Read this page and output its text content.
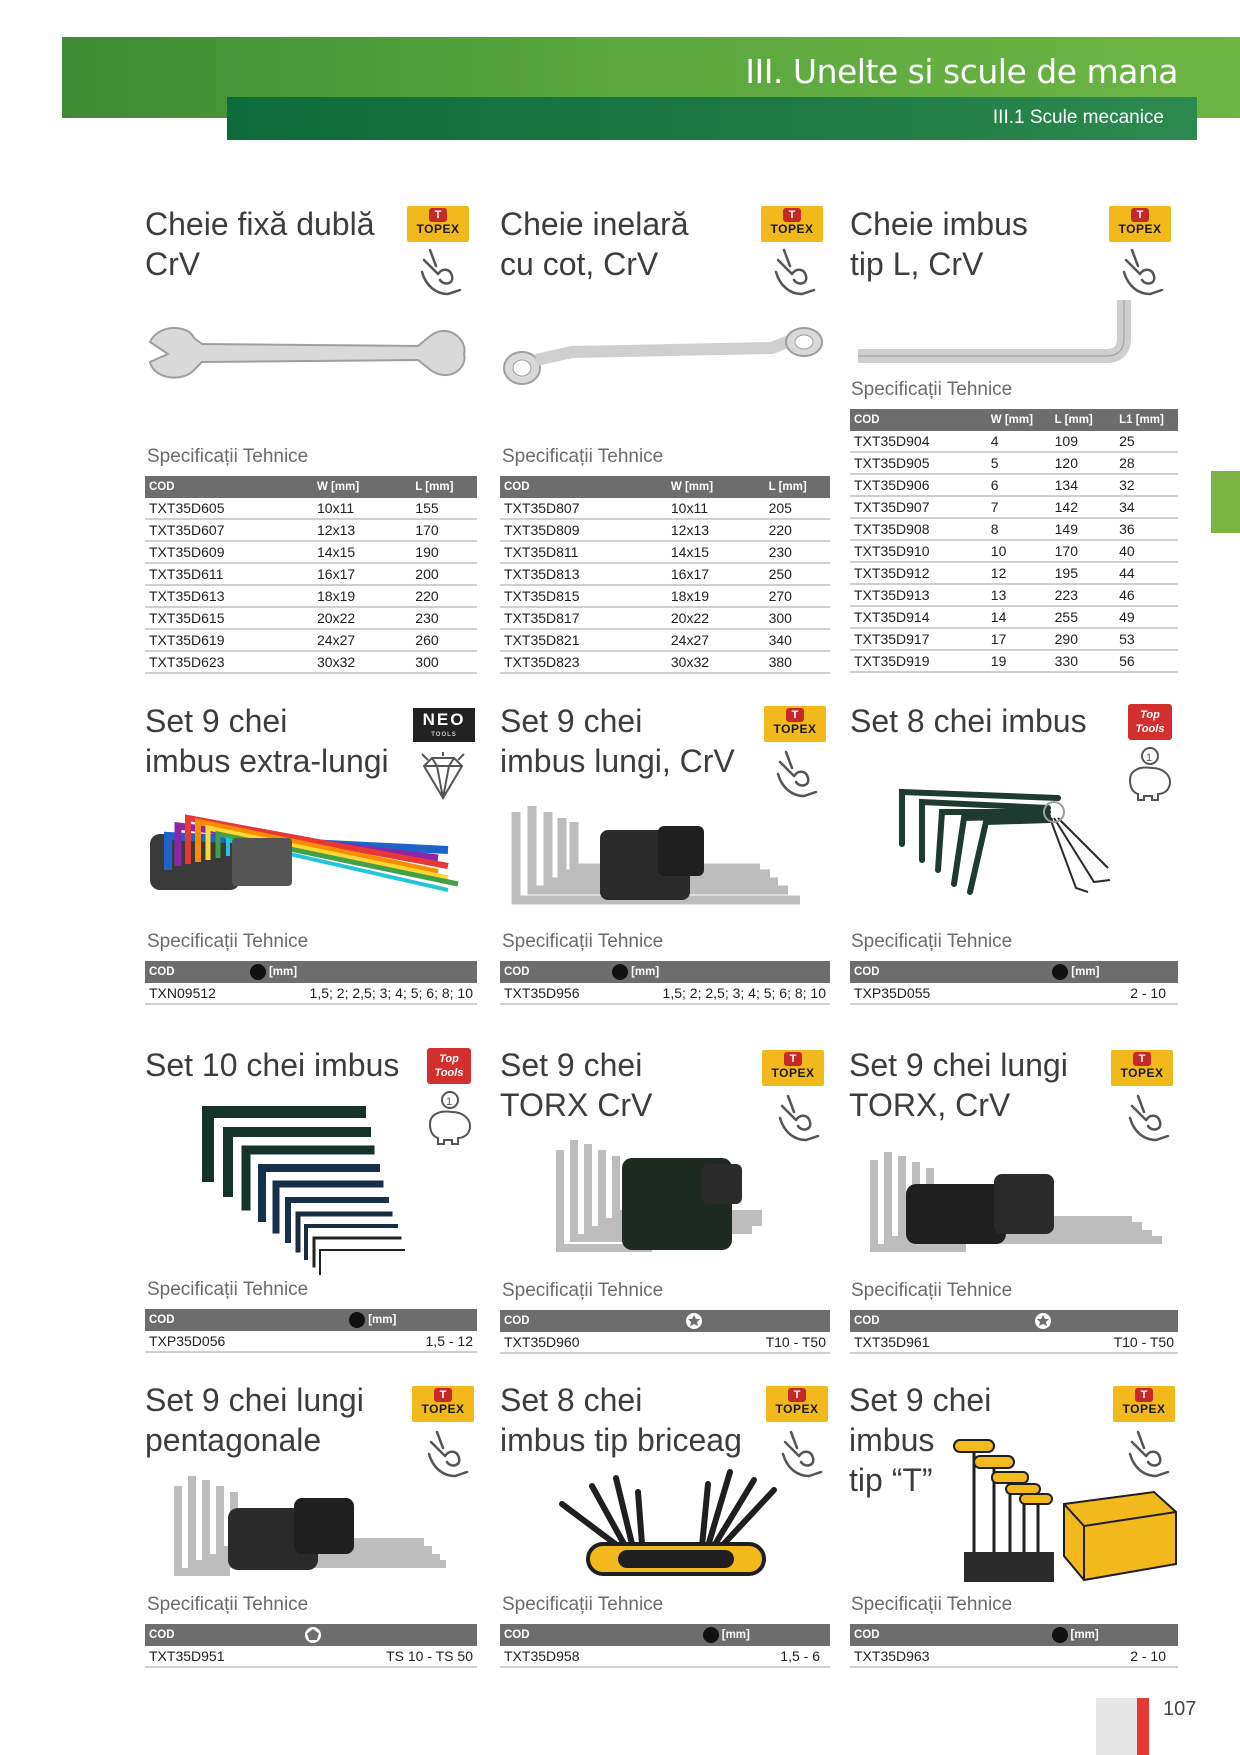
III. Unelte si scule de mana
III.1 Scule mecanice
Cheie fixă dublă
CrV
T
TOPEX
Specificații Tehnice
COD	W [mm]	L [mm]
TXT35D605	10x11	155
TXT35D607	12x13	170
TXT35D609	14x15	190
TXT35D611	16x17	200
TXT35D613	18x19	220
TXT35D615	20x22	230
TXT35D619	24x27	260
TXT35D623	30x32	300
Cheie inelară
cu cot, CrV
T
TOPEX
Specificații Tehnice
COD	W [mm]	L [mm]
TXT35D807	10x11	205
TXT35D809	12x13	220
TXT35D811	14x15	230
TXT35D813	16x17	250
TXT35D815	18x19	270
TXT35D817	20x22	300
TXT35D821	24x27	340
TXT35D823	30x32	380
Cheie imbus
tip L, CrV
T
TOPEX
Specificații Tehnice
COD	W [mm]	L [mm]	L1 [mm]
TXT35D904	4	109	25
TXT35D905	5	120	28
TXT35D906	6	134	32
TXT35D907	7	142	34
TXT35D908	8	149	36
TXT35D910	10	170	40
TXT35D912	12	195	44
TXT35D913	13	223	46
TXT35D914	14	255	49
TXT35D917	17	290	53
TXT35D919	19	330	56
Set 9 chei
imbus extra-lungi
NEO
TOOLS
Specificații Tehnice
COD	[mm]
TXN09512	1,5; 2; 2,5; 3; 4; 5; 6; 8; 10
Set 9 chei
imbus lungi, CrV
T
TOPEX
Specificații Tehnice
COD	[mm]
TXT35D956	1,5; 2; 2,5; 3; 4; 5; 6; 8; 10
Set 8 chei imbus	Top
Tools
1
Specificații Tehnice
COD	[mm]
TXP35D055	2 - 10
Set 10 chei imbus	Top
Tools
1
Specificații Tehnice
COD	[mm]
TXP35D056	1,5 - 12
Set 9 chei
TORX CrV
T
TOPEX
Specificații Tehnice
COD	
TXT35D960	T10 - T50
Set 9 chei lungi
TORX, CrV
T
TOPEX
Specificații Tehnice
COD	
TXT35D961	T10 - T50
Set 9 chei lungi
pentagonale
T
TOPEX
Specificații Tehnice
COD	
TXT35D951	TS 10 - TS 50
Set 8 chei
imbus tip briceag
T
TOPEX
Specificații Tehnice
COD	[mm]
TXT35D958	1,5 - 6
Set 9 chei
imbus
tip “T”
T
TOPEX
Specificații Tehnice
COD	[mm]
TXT35D963	2 - 10
107
